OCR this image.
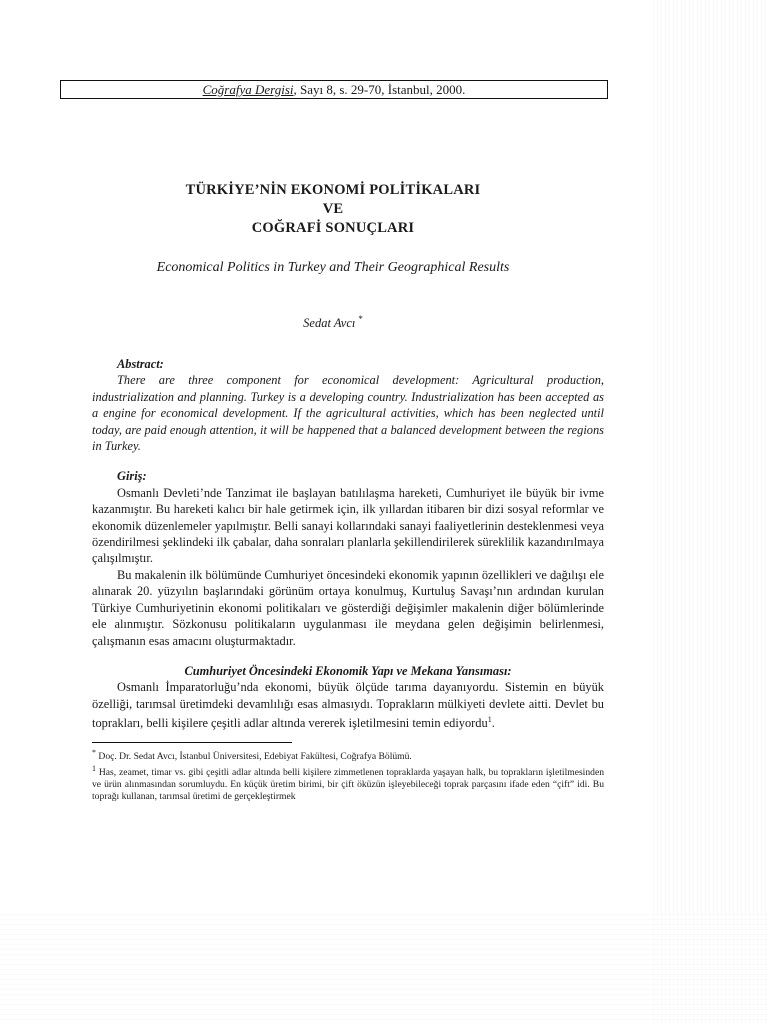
Coğrafya Dergisi, Sayı 8, s. 29-70, İstanbul, 2000.
TÜRKİYE’NİN EKONOMİ POLİTİKALARI
VE
COĞRAFİ SONUÇLARI
Economical Politics in Turkey and Their Geographical Results
Sedat Avcı *
Abstract:

There are three component for economical development: Agricultural production, industrialization and planning. Turkey is a developing country. Industrialization has been accepted as a engine for economical development. If the agricultural activities, which has been neglected until today, are paid enough attention, it will be happened that a balanced development between the regions in Turkey.

Giriş:

Osmanlı Devleti’nde Tanzimat ile başlayan batılılaşma hareketi, Cumhuriyet ile büyük bir ivme kazanmıştır. Bu hareketi kalıcı bir hale getirmek için, ilk yıllardan itibaren bir dizi sosyal reformlar ve ekonomik düzenlemeler yapılmıştır. Belli sanayi kollarındaki sanayi faaliyetlerinin desteklenmesi veya özendirilmesi şeklindeki ilk çabalar, daha sonraları planlarla şekillendirilerek süreklilik kazandırılmaya çalışılmıştır.

Bu makalenin ilk bölümünde Cumhuriyet öncesindeki ekonomik yapının özellikleri ve dağılışı ele alınarak 20. yüzyılın başlarındaki görünüm ortaya konulmuş, Kurtuluş Savaşı’nın ardından kurulan Türkiye Cumhuriyetinin ekonomi politikaları ve gösterdiği değişimler makalenin diğer bölümlerinde ele alınmıştır. Sözkonusu politikaların uygulanması ile meydana gelen değişimin belirlenmesi, çalışmanın esas amacını oluşturmaktadır.

Cumhuriyet Öncesindeki Ekonomik Yapı ve Mekana Yansıması:

Osmanlı İmparatorluğu’nda ekonomi, büyük ölçüde tarıma dayanıyordu. Sistemin en büyük özelliği, tarımsal üretimdeki devamlılığı esas almasıydı. Toprakların mülkiyeti devlete aitti. Devlet bu toprakları, belli kişilere çeşitli adlar altında vererek işletilmesini temin ediyordu$^1$.

* Doç. Dr. Sedat Avcı, İstanbul Üniversitesi, Edebiyat Fakültesi, Coğrafya Bölümü.

$^1$ Has, zeamet, timar vs. gibi çeşitli adlar altında belli kişilere zimmetlenen topraklarda yaşayan halk, bu toprakların işletilmesinden ve ürün alınmasından sorumluydu. En küçük üretim birimi, bir çift öküzün işleyebileceği toprak parçasını ifade eden “çift” idi. Bu toprağı kullanan, tarımsal üretimi de gerçekleştirmek
